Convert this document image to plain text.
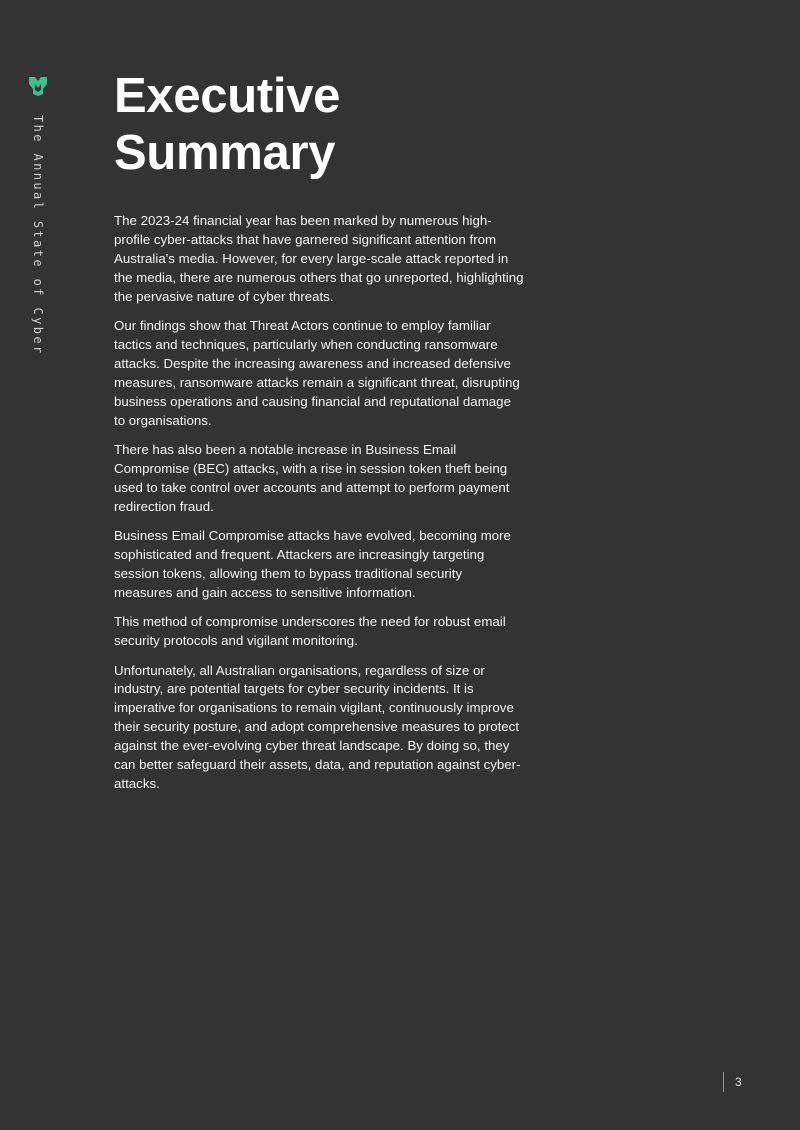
The Annual State of Cyber
Executive
Summary

The 2023-24 financial year has been marked by numerous high-profile cyber-attacks that have garnered significant attention from Australia's media. However, for every large-scale attack reported in the media, there are numerous others that go unreported, highlighting the pervasive nature of cyber threats.

Our findings show that Threat Actors continue to employ familiar tactics and techniques, particularly when conducting ransomware attacks. Despite the increasing awareness and increased defensive measures, ransomware attacks remain a significant threat, disrupting business operations and causing financial and reputational damage to organisations.

There has also been a notable increase in Business Email Compromise (BEC) attacks, with a rise in session token theft being used to take control over accounts and attempt to perform payment redirection fraud.

Business Email Compromise attacks have evolved, becoming more sophisticated and frequent. Attackers are increasingly targeting session tokens, allowing them to bypass traditional security measures and gain access to sensitive information.

This method of compromise underscores the need for robust email security protocols and vigilant monitoring.

Unfortunately, all Australian organisations, regardless of size or industry, are potential targets for cyber security incidents. It is imperative for organisations to remain vigilant, continuously improve their security posture, and adopt comprehensive measures to protect against the ever-evolving cyber threat landscape. By doing so, they can better safeguard their assets, data, and reputation against cyber-attacks.

3
